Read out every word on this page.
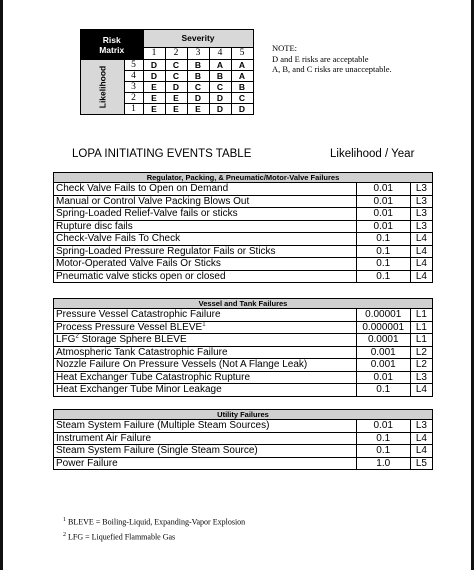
Risk
Matrix		Severity				
		1	2	3	4	5
Likelihood	5	D	C	B	A	A
	4	D	C	B	B	A
	3	E	D	C	C	B
	2	E	E	D	D	C
	1	E	E	E	D	D
NOTE:
D and E risks are acceptable
A, B, and C risks are unacceptable.
LOPA INITIATING EVENTS TABLE	Likelihood / Year
Regulator, Packing, & Pneumatic/Motor-Valve Failures		
Check Valve Fails to Open on Demand	0.01	L3
Manual or Control Valve Packing Blows Out	0.01	L3
Spring-Loaded Relief-Valve fails or sticks	0.01	L3
Rupture disc fails	0.01	L3
Check-Valve Fails To Check	0.1	L4
Spring-Loaded Pressure Regulator Fails or Sticks	0.1	L4
Motor-Operated Valve Fails Or Sticks	0.1	L4
Pneumatic valve sticks open or closed	0.1	L4
Vessel and Tank Failures		
Pressure Vessel Catastrophic Failure	0.00001	L1
Process Pressure Vessel BLEVE$^1$	0.000001	L1
LFG$^2$ Storage Sphere BLEVE	0.0001	L1
Atmospheric Tank Catastrophic Failure	0.001	L2
Nozzle Failure On Pressure Vessels (Not A Flange Leak)	0.001	L2
Heat Exchanger Tube Catastrophic Rupture	0.01	L3
Heat Exchanger Tube Minor Leakage	0.1	L4
Utility Failures		
Steam System Failure (Multiple Steam Sources)	0.01	L3
Instrument Air Failure	0.1	L4
Steam System Failure (Single Steam Source)	0.1	L4
Power Failure	1.0	L5
$^1$ BLEVE = Boiling-Liquid, Expanding-Vapor Explosion
$^2$ LFG = Liquefied Flammable Gas
